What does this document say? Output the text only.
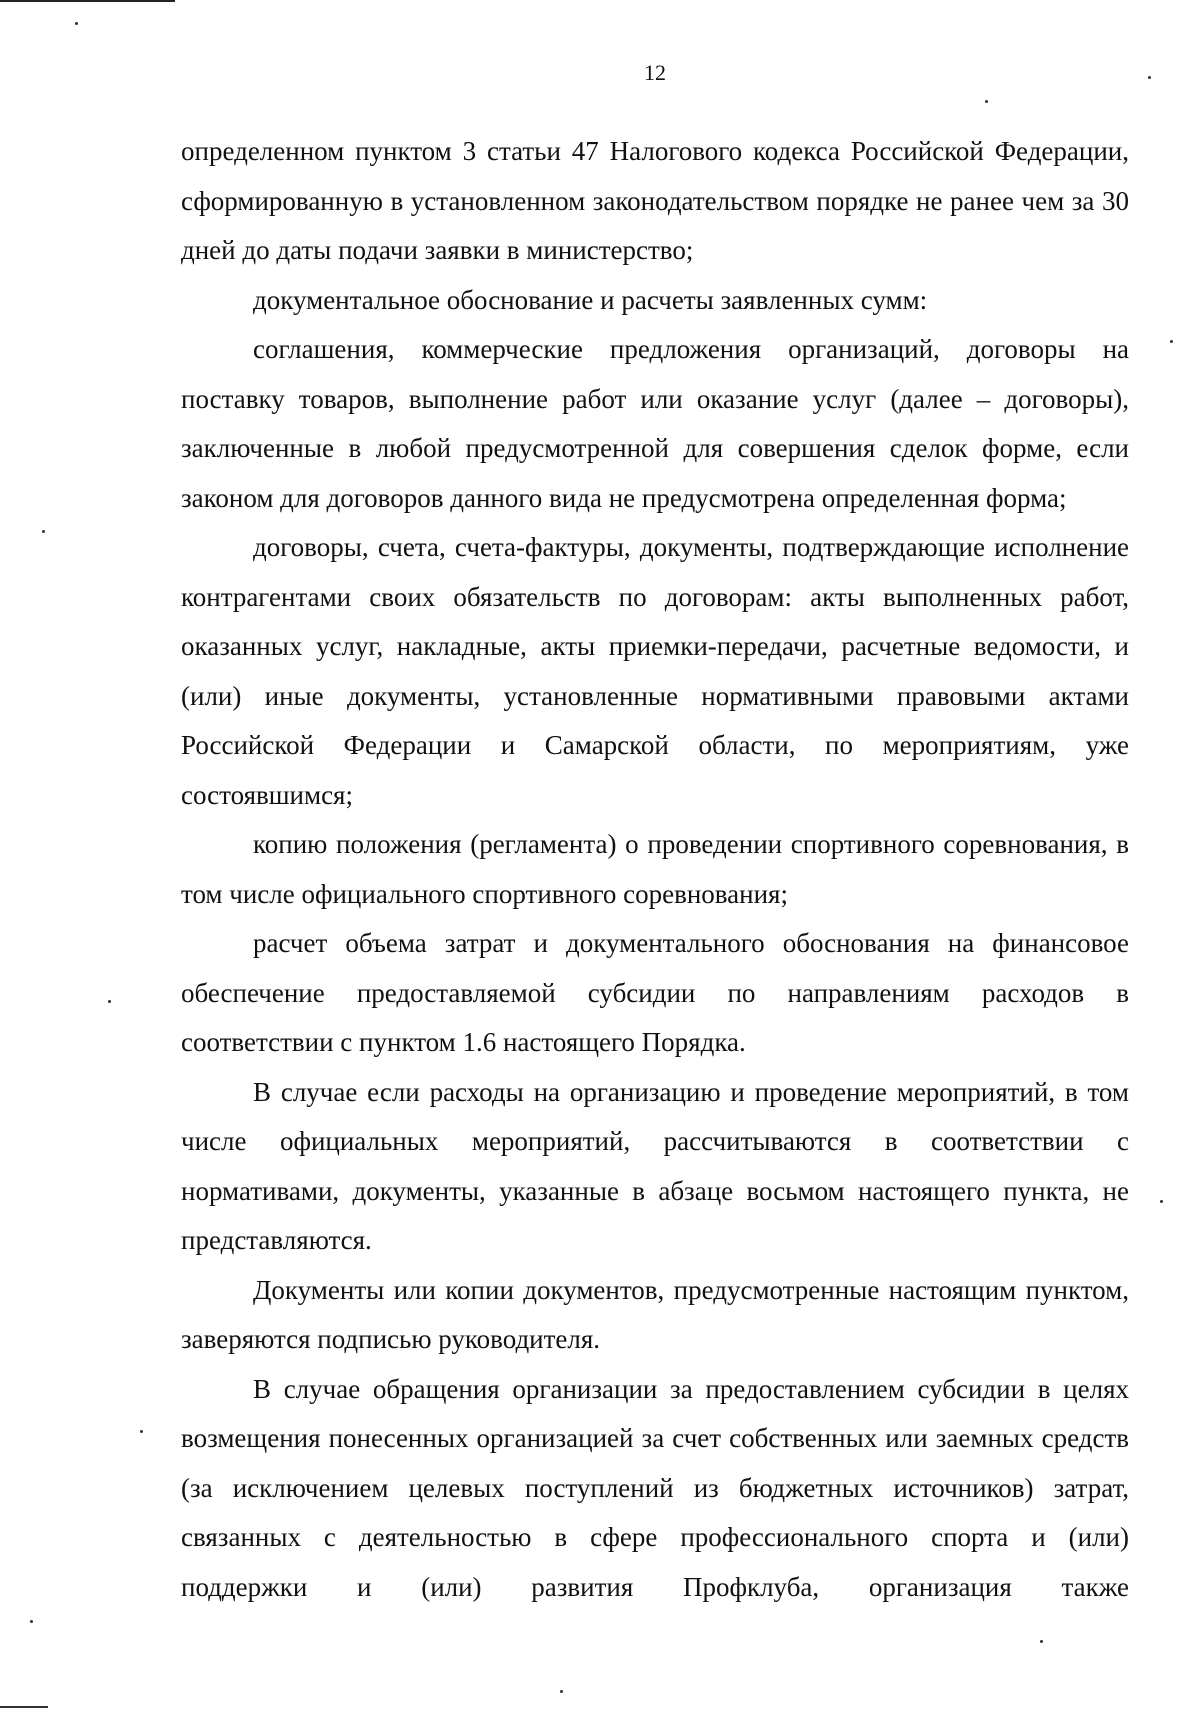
12

определенном пунктом 3 статьи 47 Налогового кодекса Российской Федерации, сформированную в установленном законодательством порядке не ранее чем за 30 дней до даты подачи заявки в министерство;

документальное обоснование и расчеты заявленных сумм:

соглашения, коммерческие предложения организаций, договоры на поставку товаров, выполнение работ или оказание услуг (далее – договоры), заключенные в любой предусмотренной для совершения сделок форме, если законом для договоров данного вида не предусмотрена определенная форма;

договоры, счета, счета-фактуры, документы, подтверждающие исполнение контрагентами своих обязательств по договорам: акты выполненных работ, оказанных услуг, накладные, акты приемки-передачи, расчетные ведомости, и (или) иные документы, установленные нормативными правовыми актами Российской Федерации и Самарской области, по мероприятиям, уже состоявшимся;

копию положения (регламента) о проведении спортивного соревнования, в том числе официального спортивного соревнования;

расчет объема затрат и документального обоснования на финансовое обеспечение предоставляемой субсидии по направлениям расходов в соответствии с пунктом 1.6 настоящего Порядка.

В случае если расходы на организацию и проведение мероприятий, в том числе официальных мероприятий, рассчитываются в соответствии с нормативами, документы, указанные в абзаце восьмом настоящего пункта, не представляются.

Документы или копии документов, предусмотренные настоящим пунктом, заверяются подписью руководителя.

В случае обращения организации за предоставлением субсидии в целях возмещения понесенных организацией за счет собственных или заемных средств (за исключением целевых поступлений из бюджетных источников) затрат, связанных с деятельностью в сфере профессионального спорта и (или) поддержки и (или) развития Профклуба, организация также
